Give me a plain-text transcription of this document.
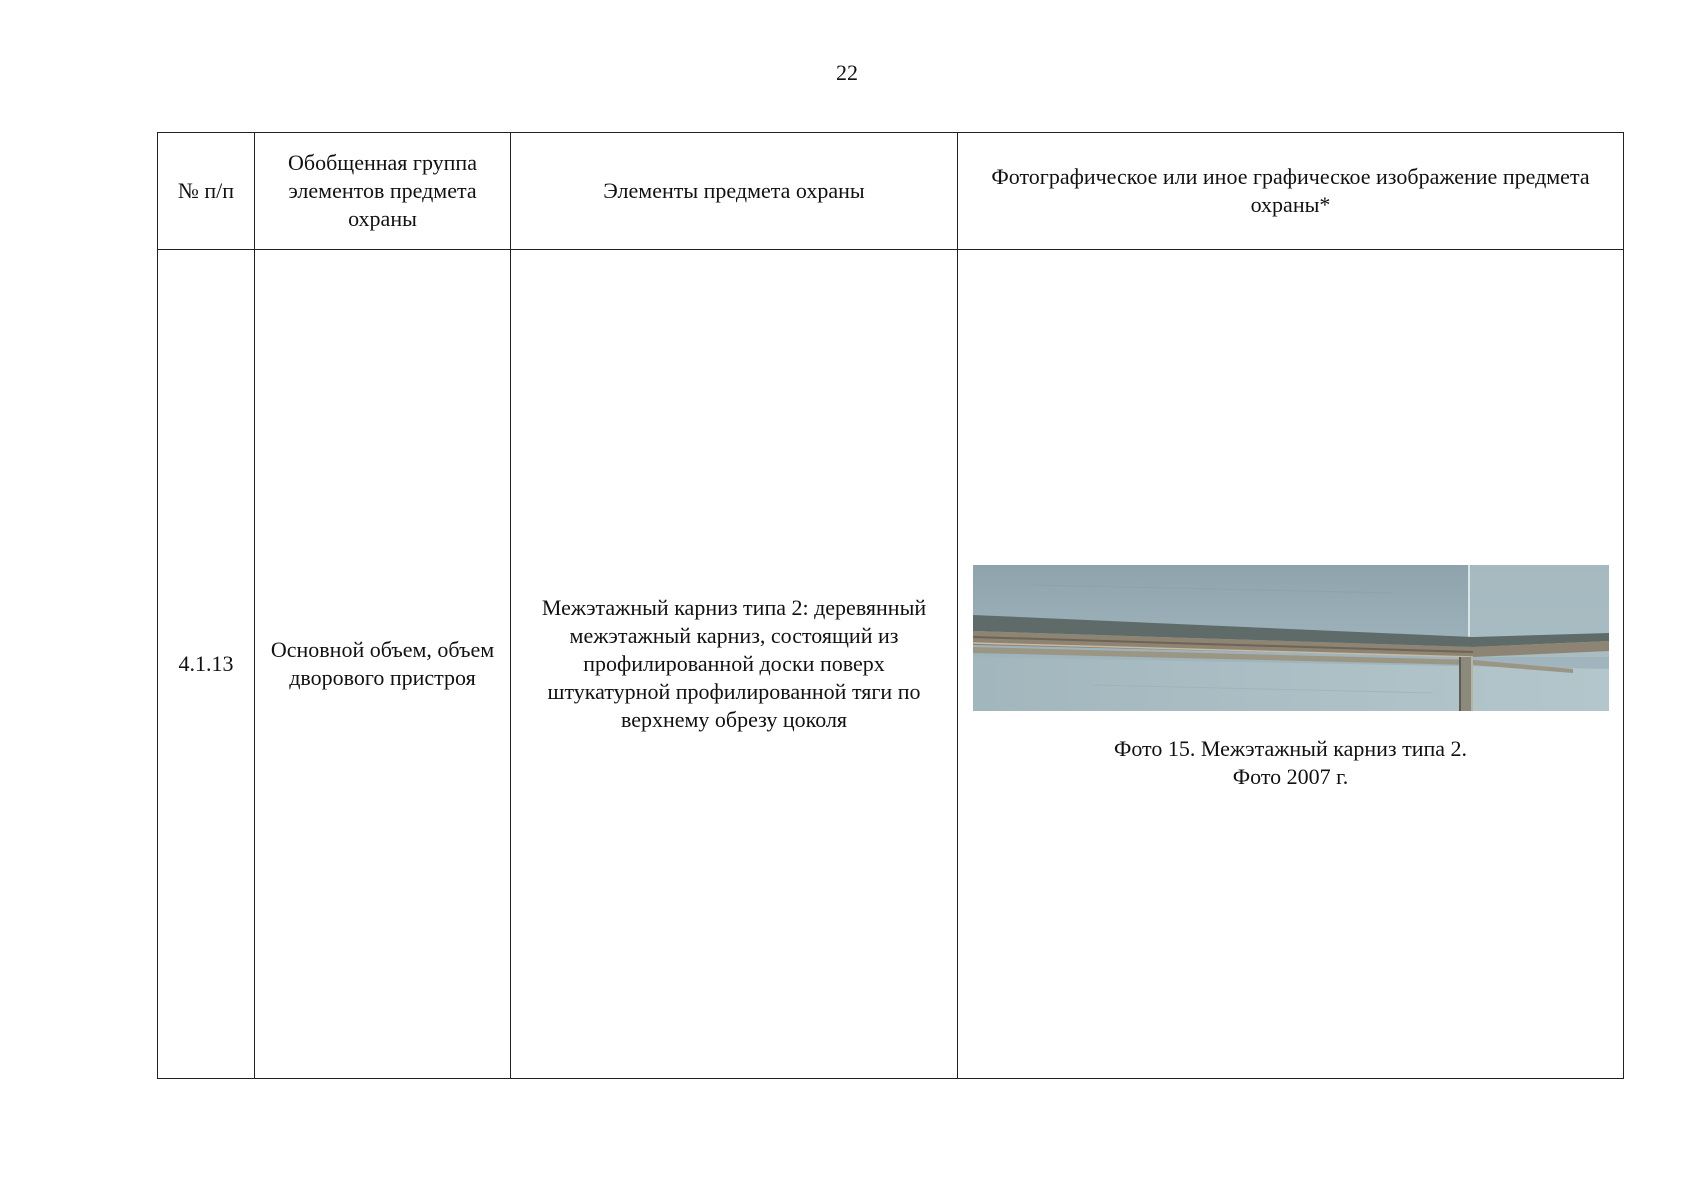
22
№ п/п	Обобщенная группа элементов предмета охраны	Элементы предмета охраны	Фотографическое или иное графическое изображение предмета охраны*

4.1.13	Основной объем, объем дворового пристроя	Межэтажный карниз типа 2: деревянный межэтажный карниз, состоящий из профилированной доски поверх штукатурной профилированной тяги по верхнему обрезу цоколя	Фото 15. Межэтажный карниз типа 2.
Фото 2007 г.
